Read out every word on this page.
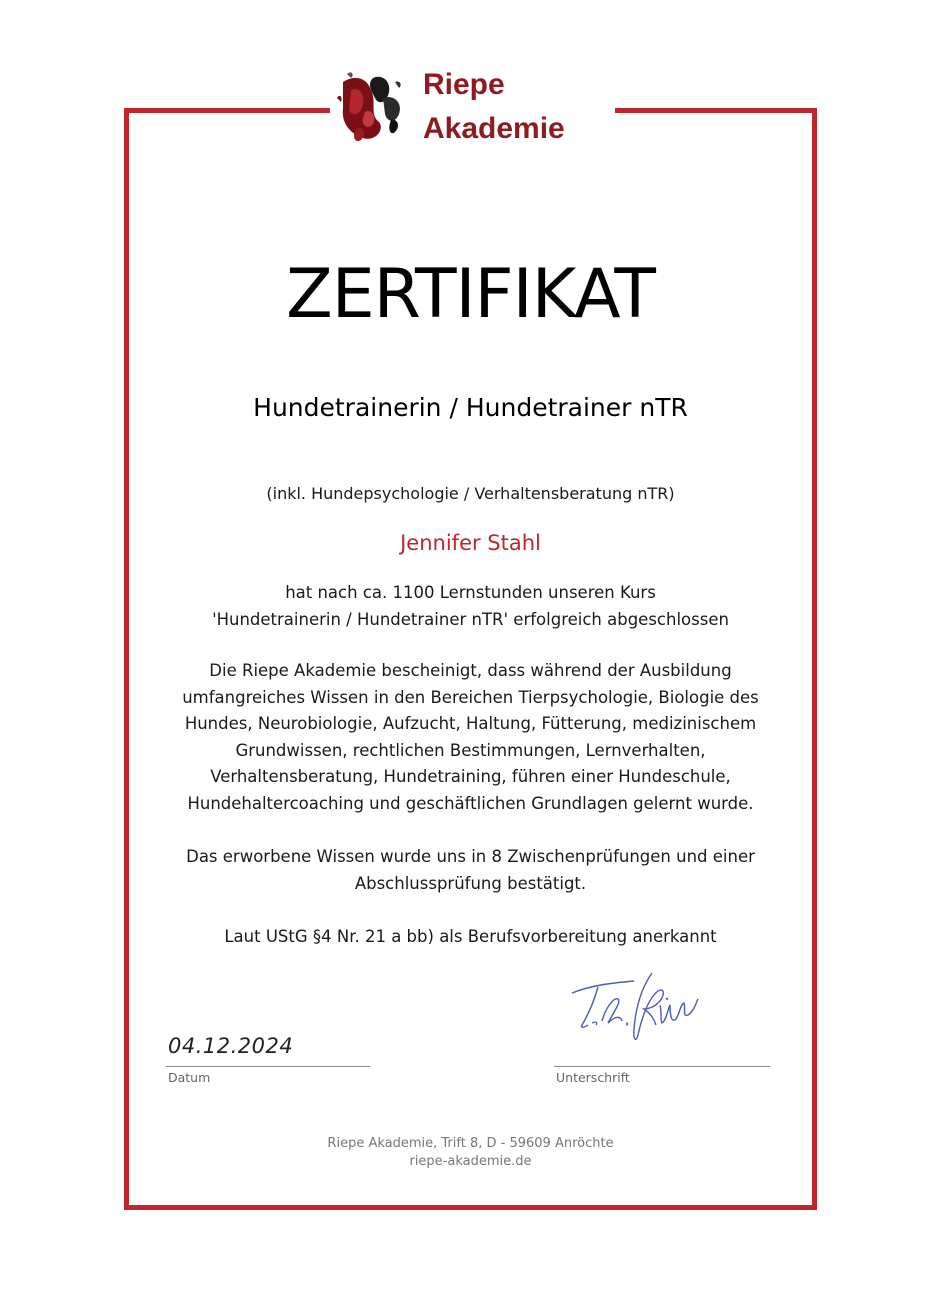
Riepe
Akademie
ZERTIFIKAT
Hundetrainerin / Hundetrainer nTR
(inkl. Hundepsychologie / Verhaltensberatung nTR)
Jennifer Stahl
hat nach ca. 1100 Lernstunden unseren Kurs
'Hundetrainerin / Hundetrainer nTR' erfolgreich abgeschlossen
Die Riepe Akademie bescheinigt, dass während der Ausbildung
umfangreiches Wissen in den Bereichen Tierpsychologie, Biologie des
Hundes, Neurobiologie, Aufzucht, Haltung, Fütterung, medizinischem
Grundwissen, rechtlichen Bestimmungen, Lernverhalten,
Verhaltensberatung, Hundetraining, führen einer Hundeschule,
Hundehaltercoaching und geschäftlichen Grundlagen gelernt wurde.
Das erworbene Wissen wurde uns in 8 Zwischenprüfungen und einer
Abschlussprüfung bestätigt.
Laut UStG §4 Nr. 21 a bb) als Berufsvorbereitung anerkannt
04.12.2024
Datum	Unterschrift
Riepe Akademie, Trift 8, D - 59609 Anröchte
riepe-akademie.de
